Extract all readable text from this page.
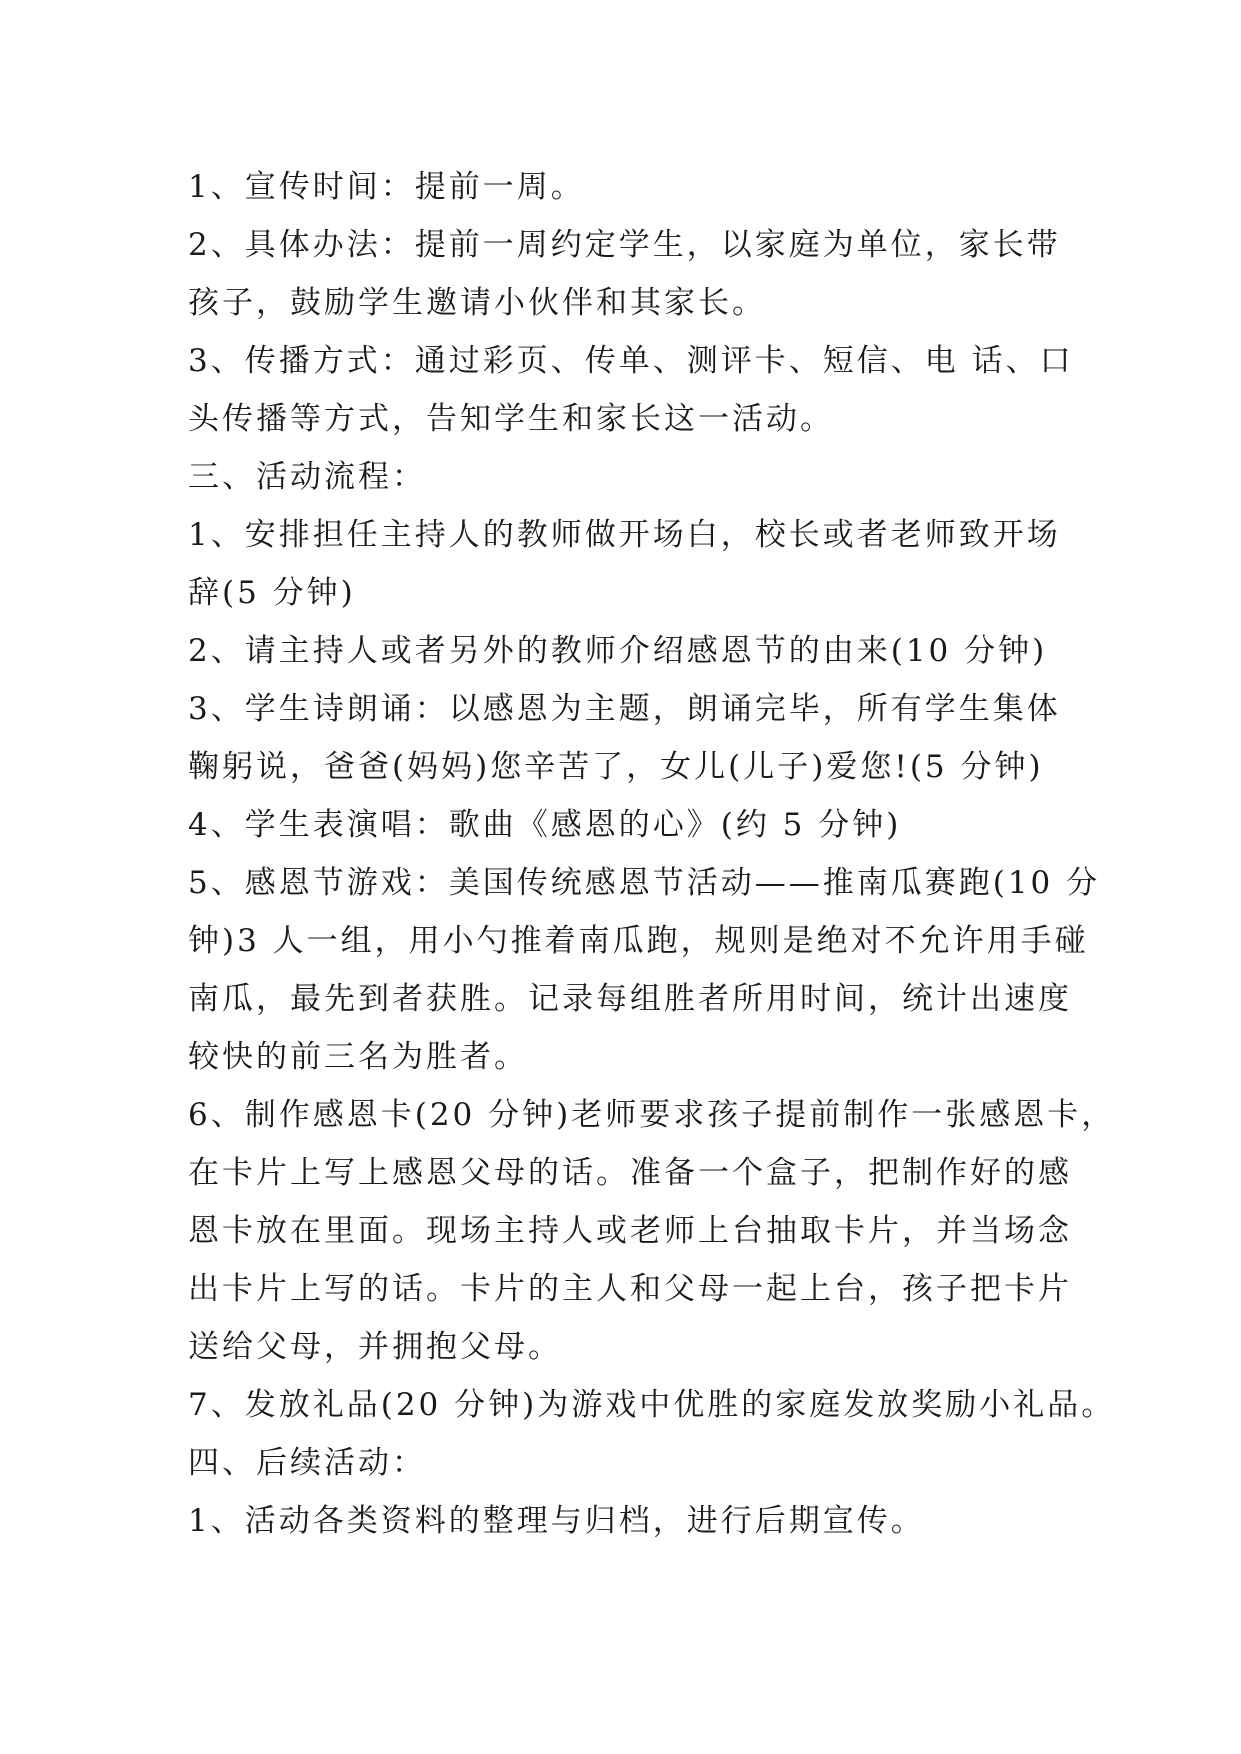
1、宣传时间：提前一周。
2、具体办法：提前一周约定学生，以家庭为单位，家长带
孩子，鼓励学生邀请小伙伴和其家长。
3、传播方式：通过彩页、传单、测评卡、短信、电 话、口
头传播等方式，告知学生和家长这一活动。
三、活动流程：
1、安排担任主持人的教师做开场白，校长或者老师致开场
辞(5 分钟)
2、请主持人或者另外的教师介绍感恩节的由来(10 分钟)
3、学生诗朗诵：以感恩为主题，朗诵完毕，所有学生集体
鞠躬说，爸爸(妈妈)您辛苦了，女儿(儿子)爱您!(5 分钟)
4、学生表演唱：歌曲《感恩的心》(约 5 分钟)
5、感恩节游戏：美国传统感恩节活动——推南瓜赛跑(10 分
钟)3 人一组，用小勺推着南瓜跑，规则是绝对不允许用手碰
南瓜，最先到者获胜。记录每组胜者所用时间，统计出速度
较快的前三名为胜者。
6、制作感恩卡(20 分钟)老师要求孩子提前制作一张感恩卡，
在卡片上写上感恩父母的话。准备一个盒子，把制作好的感
恩卡放在里面。现场主持人或老师上台抽取卡片，并当场念
出卡片上写的话。卡片的主人和父母一起上台，孩子把卡片
送给父母，并拥抱父母。
7、发放礼品(20 分钟)为游戏中优胜的家庭发放奖励小礼品。
四、后续活动：
1、活动各类资料的整理与归档，进行后期宣传。
